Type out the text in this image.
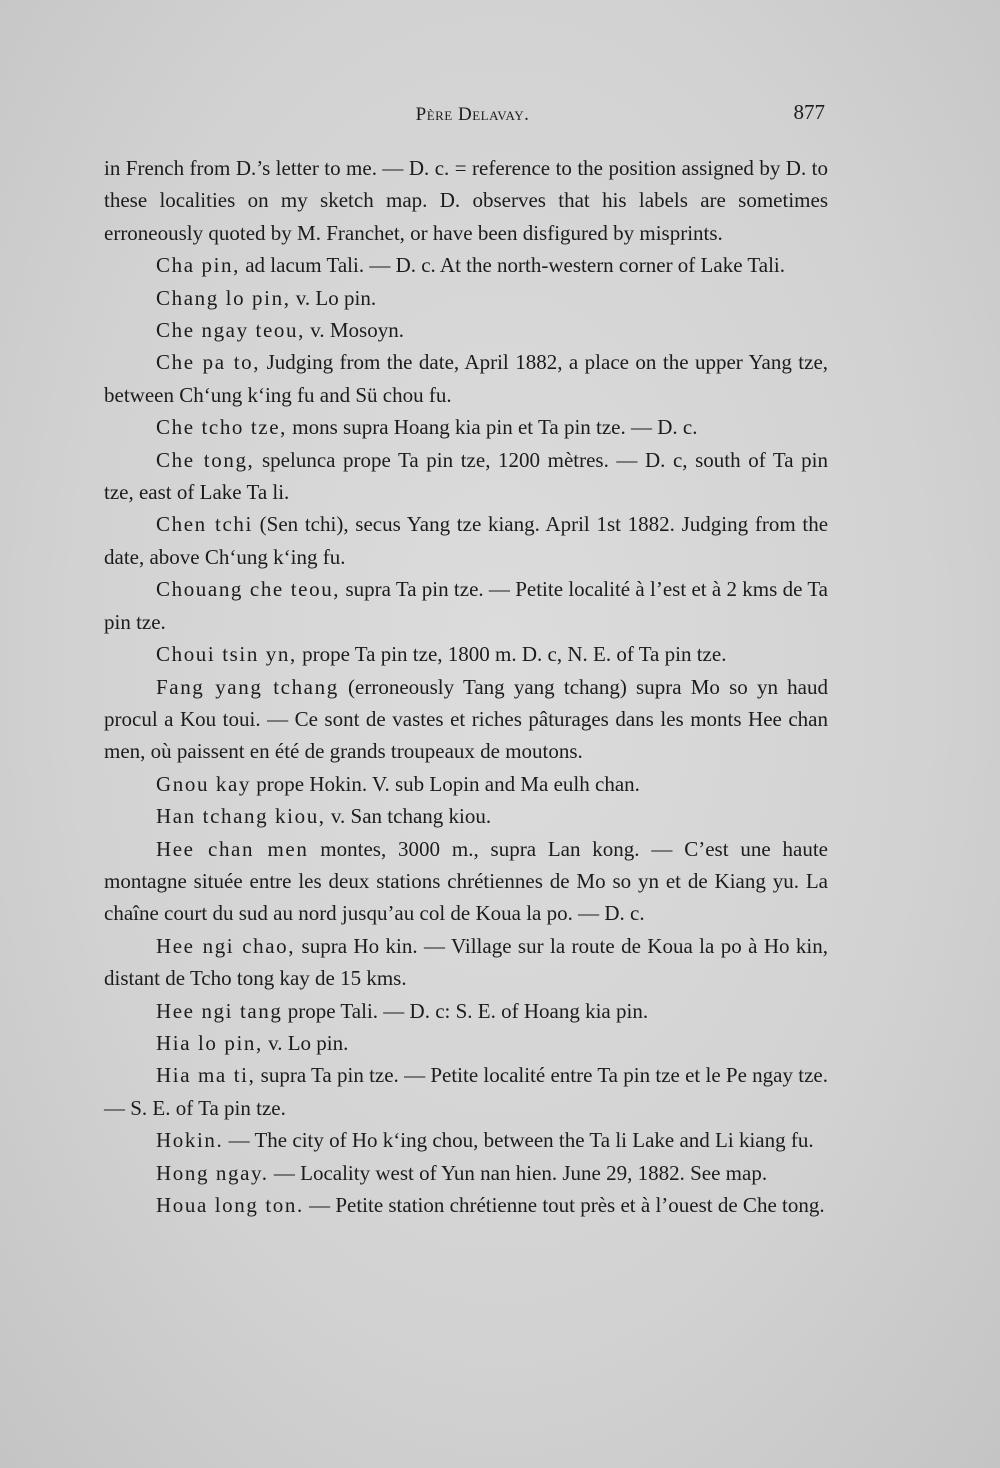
Père Delavay.	877

in French from D.’s letter to me. — D. c. = reference to the position assigned by D. to these localities on my sketch map. D. observes that his labels are sometimes erroneously quoted by M. Franchet, or have been disfigured by misprints.

Cha pin, ad lacum Tali. — D. c. At the north-western corner of Lake Tali.

Chang lo pin, v. Lo pin.

Che ngay teou, v. Mosoyn.

Che pa to, Judging from the date, April 1882, a place on the upper Yang tze, between Chʻung kʻing fu and Sü chou fu.

Che tcho tze, mons supra Hoang kia pin et Ta pin tze. — D. c.

Che tong, spelunca prope Ta pin tze, 1200 mètres. — D. c, south of Ta pin tze, east of Lake Ta li.

Chen tchi (Sen tchi), secus Yang tze kiang. April 1st 1882. Judging from the date, above Chʻung kʻing fu.

Chouang che teou, supra Ta pin tze. — Petite localité à l’est et à 2 kms de Ta pin tze.

Choui tsin yn, prope Ta pin tze, 1800 m. D. c, N. E. of Ta pin tze.

Fang yang tchang (erroneously Tang yang tchang) supra Mo so yn haud procul a Kou toui. — Ce sont de vastes et riches pâturages dans les monts Hee chan men, où paissent en été de grands troupeaux de moutons.

Gnou kay prope Hokin. V. sub Lopin and Ma eulh chan.

Han tchang kiou, v. San tchang kiou.

Hee chan men montes, 3000 m., supra Lan kong. — C’est une haute montagne située entre les deux stations chrétiennes de Mo so yn et de Kiang yu. La chaîne court du sud au nord jusqu’au col de Koua la po. — D. c.

Hee ngi chao, supra Ho kin. — Village sur la route de Koua la po à Ho kin, distant de Tcho tong kay de 15 kms.

Hee ngi tang prope Tali. — D. c: S. E. of Hoang kia pin.

Hia lo pin, v. Lo pin.

Hia ma ti, supra Ta pin tze. — Petite localité entre Ta pin tze et le Pe ngay tze. — S. E. of Ta pin tze.

Hokin. — The city of Ho kʻing chou, between the Ta li Lake and Li kiang fu.

Hong ngay. — Locality west of Yun nan hien. June 29, 1882. See map.

Houa long ton. — Petite station chrétienne tout près et à l’ouest de Che tong.
